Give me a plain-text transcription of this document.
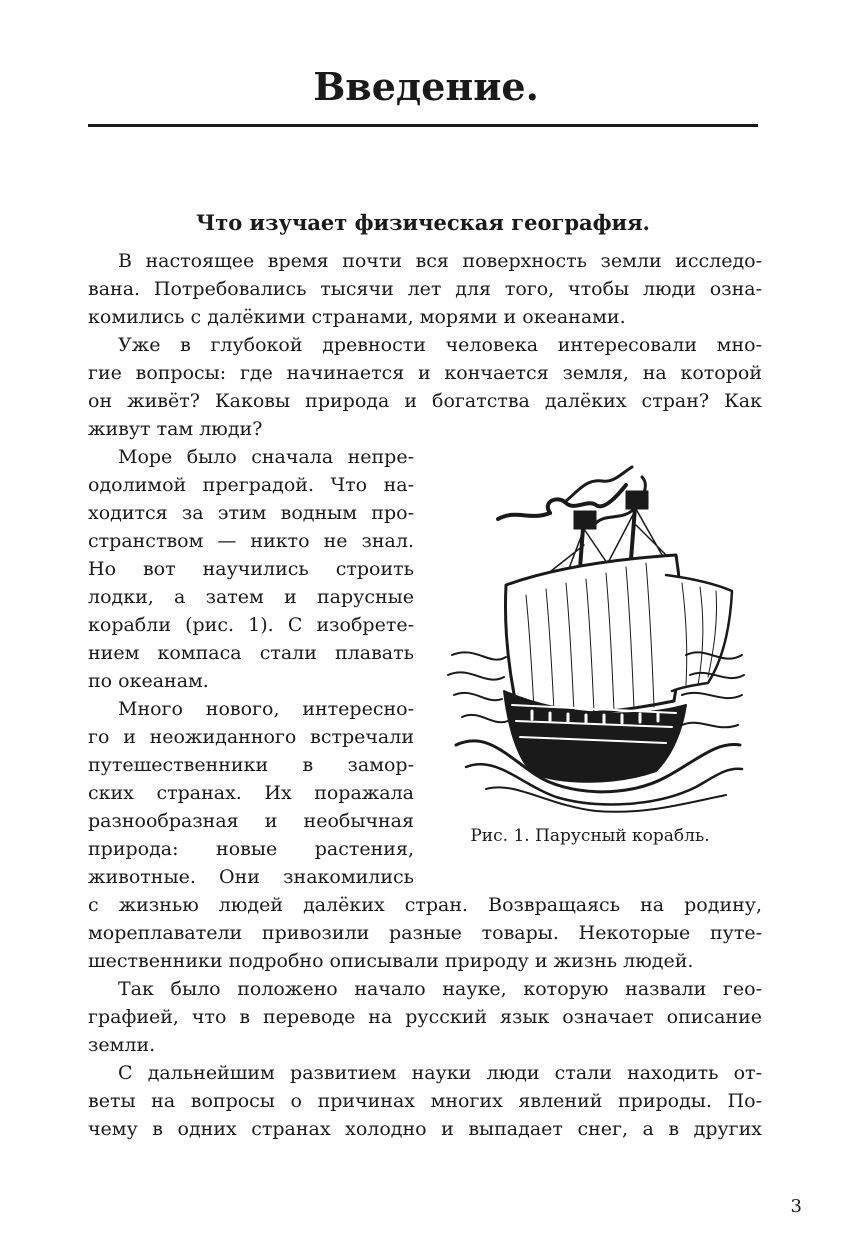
Введение.
Что изучает физическая география.
В настоящее время почти вся поверхность земли исследо-
вана. Потребовались тысячи лет для того, чтобы люди озна-
комились с далёкими странами, морями и океанами.
Уже в глубокой древности человека интересовали мно-
гие вопросы: где начинается и кончается земля, на которой
он живёт? Каковы природа и богатства далёких стран? Как
живут там люди?
Море было сначала непре-
одолимой преградой. Что на-
ходится за этим водным про-
странством — никто не знал.
Но вот научились строить
лодки, а затем и парусные
корабли (рис. 1). С изобрете-
нием компаса стали плавать
по океанам.
Много нового, интересно-
го и неожиданного встречали
путешественники в замор-
ских странах. Их поражала
разнообразная и необычная
природа: новые растения,
животные. Они знакомились
с жизнью людей далёких стран. Возвращаясь на родину,
мореплаватели привозили разные товары. Некоторые путе-
шественники подробно описывали природу и жизнь людей.
Так было положено начало науке, которую назвали гео-
графией, что в переводе на русский язык означает описание
земли.
С дальнейшим развитием науки люди стали находить от-
веты на вопросы о причинах многих явлений природы. По-
чему в одних странах холодно и выпадает снег, а в других
Рис. 1. Парусный корабль.
3
